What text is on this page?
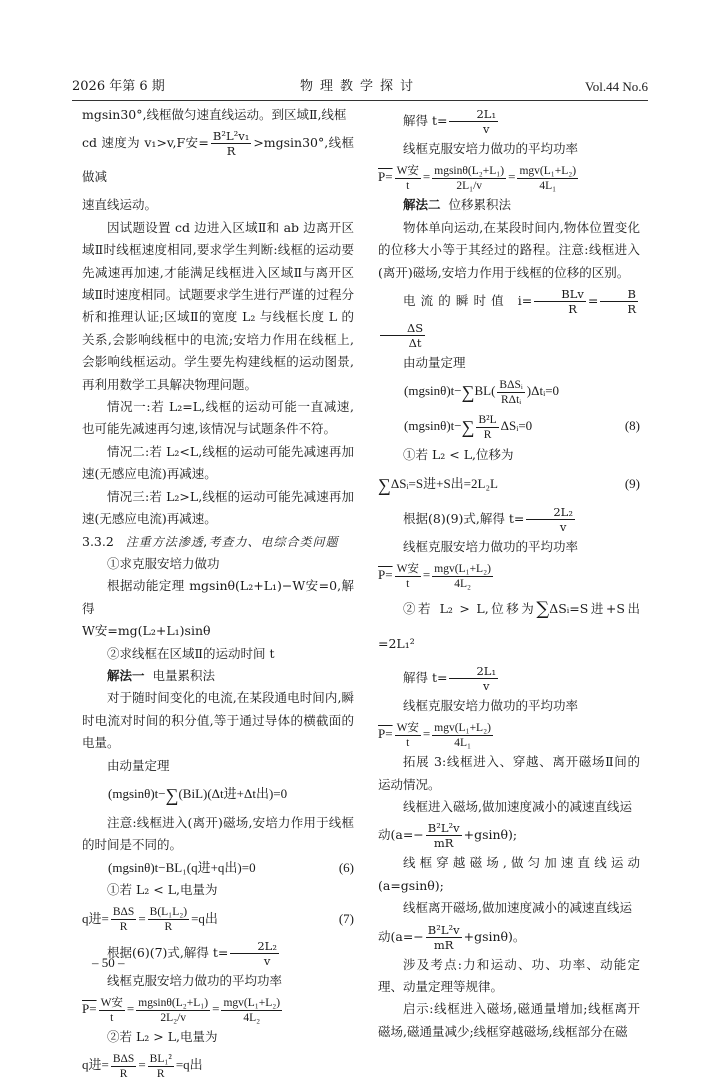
2026 年第 6 期	物理教学探讨	Vol.44 No.6

mgsin30°,线框做匀速直线运动。到区域Ⅱ,线框

cd 速度为 v₁>v,F安= $\frac{\text{B²L²v₁}}{R} >mgsin30^\circ$,线框做减

速直线运动。

因试题设置 cd 边进入区域Ⅱ和 ab 边离开区域Ⅱ时线框速度相同,要求学生判断:线框的运动要先减速再加速,才能满足线框进入区域Ⅱ与离开区域Ⅱ时速度相同。试题要求学生进行严谨的过程分析和推理认证;区域Ⅱ的宽度 L₂ 与线框长度 L 的关系,会影响线框中的电流;安培力作用在线框上,会影响线框运动。学生要先构建线框的运动图景,再利用数学工具解决物理问题。

情况一:若 L₂=L,线框的运动可能一直减速,也可能先减速再匀速,该情况与试题条件不符。

情况二:若 L₂<L,线框的运动可能先减速再加速(无感应电流)再减速。

情况三:若 L₂>L,线框的运动可能先减速再加速(无感应电流)再减速。

3.3.2 注重方法渗透,考查力、电综合类问题

①求克服安培力做功

根据动能定理 mgsinθ(L₂+L₁)−W安=0,解得

W安=mg(L₂+L₁)sinθ

②求线框在区域Ⅱ的运动时间 t

解法一 电量累积法

对于随时间变化的电流,在某段通电时间内,瞬时电流对时间的积分值,等于通过导体的横截面的电量。

由动量定理

(mgsinθ)t−∑(BiL)(Δt进+Δt出)=0

注意:线框进入(离开)磁场,安培力作用于线框的时间是不同的。

(mgsinθ)t−BL₁(q进+q出)=0	(6)

①若 L₂ < L,电量为

q进= $\frac{\text{BΔS}}{R} = \frac{\text{B(L₁L₂)}}{R} =q$出	(7)

根据(6)(7)式,解得 $t= \frac{\text{2L₂}}{v}$

线框克服安培力做功的平均功率

$P= \frac{\text{W安}}{t} = \frac{\text{mgsinθ(L₂+L₁)}}{\text{2L₂/v}} = \frac{\text{mgv(L₁+L₂)}}{\text{4L₂}}$

②若 L₂ > L,电量为

q进= $\frac{\text{BΔS}}{R} = \frac{\text{BL₁²}}{R} =q$出

解得 $t= \frac{\text{2L₁}}{v}$

线框克服安培力做功的平均功率

$P= \frac{\text{W安}}{t} = \frac{\text{mgsinθ(L₂+L₁)}}{\text{2L₁/v}} = \frac{\text{mgv(L₁+L₂)}}{\text{4L₁}}$

解法二 位移累积法

物体单向运动,在某段时间内,物体位置变化的位移大小等于其经过的路程。注意:线框进入(离开)磁场,安培力作用于线框的位移的区别。

电流的瞬时值 $i= \frac{\text{BLv}}{R} = \frac{B}{R}$
$\frac{\Delta S}{\Delta t}$

由动量定理

$(mgsin\theta)t-\sum BL( \frac{\text{BΔSᵢ}}{\text{RΔtᵢ}}$ )Δtᵢ=0

$(mgsin\theta)t-\sum \frac{\text{B²L}}{R}$ ΔSᵢ=0	(8)

①若 L₂ < L,位移为

∑ΔSᵢ=S进+S出=2L₂L	(9)

根据(8)(9)式,解得 $t= \frac{\text{2L₂}}{v}$

线框克服安培力做功的平均功率

$P= \frac{\text{W安}}{t} = \frac{\text{mgv(L₁+L₂)}}{\text{4L₂}}$

②若 L₂ > L,位移为∑ΔSᵢ=S进+S出=2L₁²

解得 $t= \frac{\text{2L₁}}{v}$

线框克服安培力做功的平均功率

$P= \frac{\text{W安}}{t} = \frac{\text{mgv(L₁+L₂)}}{\text{4L₁}}$

拓展 3:线框进入、穿越、离开磁场Ⅱ间的运动情况。

线框进入磁场,做加速度减小的减速直线运

动$(a=- \frac{\text{B²L²v}}{mR} +gsin\theta)$;

线框穿越磁场,做匀加速直线运动(a=gsinθ);

线框离开磁场,做加速度减小的减速直线运

动$(a=- \frac{\text{B²L²v}}{mR} +gsin\theta)$。

涉及考点:力和运动、功、功率、动能定理、动量定理等规律。

启示:线框进入磁场,磁通量增加;线框离开磁场,磁通量减少;线框穿越磁场,线框部分在磁

– 50 –
